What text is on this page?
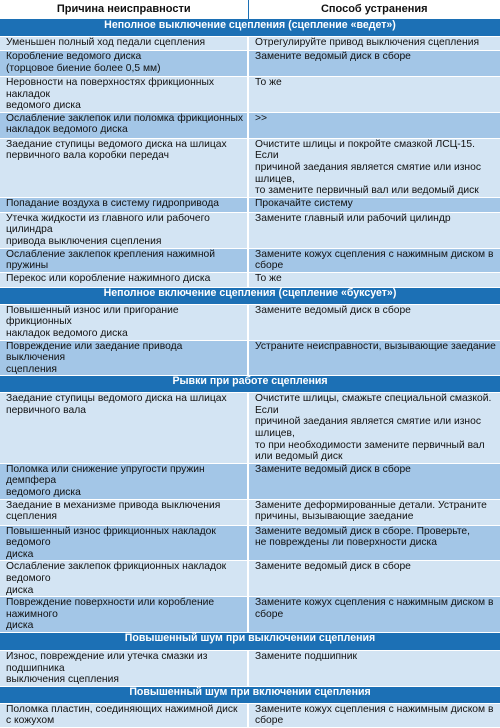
Причина неисправности	Способ устранения
Неполное выключение сцепления (сцепление «ведет»)	
Уменьшен полный ход педали сцепления	Отрегулируйте привод выключения сцепления
Коробление ведомого диска
(торцовое биение более 0,5 мм)	Замените ведомый диск в сборе
Неровности на поверхностях фрикционных накладок
ведомого диска	То же
Ослабление заклепок или поломка фрикционных
накладок ведомого диска	>>
Заедание ступицы ведомого диска на шлицах
первичного вала коробки передач	Очистите шлицы и покройте смазкой ЛСЦ-15. Если
причиной заедания является смятие или износ шлицев,
то замените первичный вал или ведомый диск
Попадание воздуха в систему гидропривода	Прокачайте систему
Утечка жидкости из главного или рабочего цилиндра
привода выключения сцепления	Замените главный или рабочий цилиндр
Ослабление заклепок крепления нажимной пружины	Замените кожух сцепления с нажимным диском в сборе
Перекос или коробление нажимного диска	То же
Неполное включение сцепления (сцепление «буксует»)	
Повышенный износ или пригорание фрикционных
накладок ведомого диска	Замените ведомый диск в сборе
Повреждение или заедание привода выключения
сцепления	Устраните неисправности, вызывающие заедание
Рывки при работе сцепления	
Заедание ступицы ведомого диска на шлицах
первичного вала	Очистите шлицы, смажьте специальной смазкой. Если
причиной заедания является смятие или износ шлицев,
то при необходимости замените первичный вал
или ведомый диск
Поломка или снижение упругости пружин демпфера
ведомого диска	Замените ведомый диск в сборе
Заедание в механизме привода выключения сцепления	Замените деформированные детали. Устраните
причины, вызывающие заедание
Повышенный износ фрикционных накладок ведомого
диска	Замените ведомый диск в сборе. Проверьте,
не повреждены ли поверхности диска
Ослабление заклепок фрикционных накладок ведомого
диска	Замените ведомый диск в сборе
Повреждение поверхности или коробление нажимного
диска	Замените кожух сцепления с нажимным диском в сборе
Повышенный шум при выключении сцепления	
Износ, повреждение или утечка смазки из подшипника
выключения сцепления	Замените подшипник
Повышенный шум при включении сцепления	
Поломка пластин, соединяющих нажимной диск с кожухом	Замените кожух сцепления с нажимным диском в сборе
